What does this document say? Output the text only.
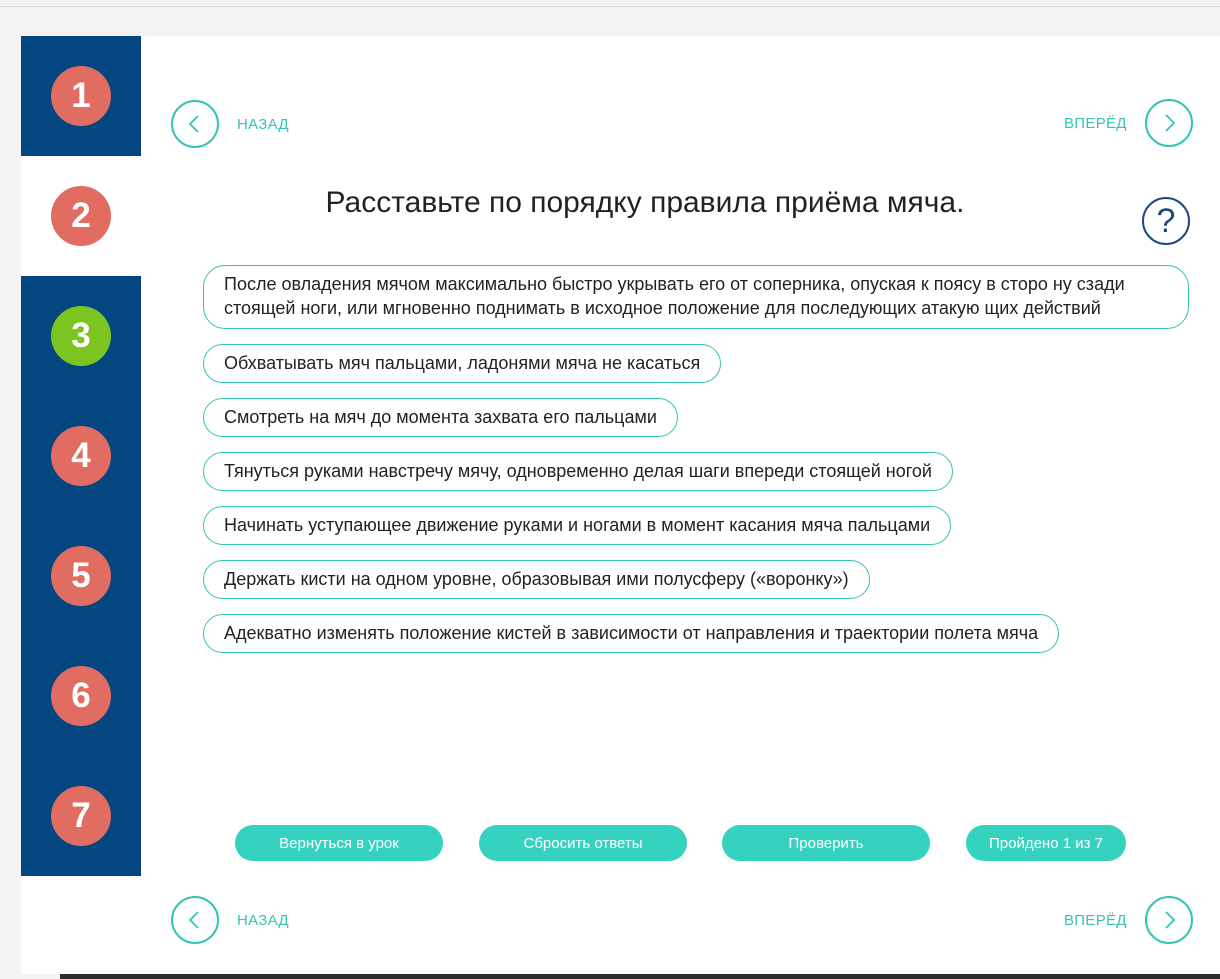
1
2
3
4
5
6
7
НАЗАД	ВПЕРЁД
Расставьте по порядку правила приёма мяча.	?
После овладения мячом максимально быстро укрывать его от соперника, опуская к поясу в сторо ну сзади стоящей ноги, или мгновенно поднимать в исходное положение для последующих атакую щих действий
Обхватывать мяч пальцами, ладонями мяча не касаться
Смотреть на мяч до момента захвата его пальцами
Тянуться руками навстречу мячу, одновременно делая шаги впереди стоящей ногой
Начинать уступающее движение руками и ногами в момент касания мяча пальцами
Держать кисти на одном уровне, образовывая ими полусферу («воронку»)
Адекватно изменять положение кистей в зависимости от направления и траектории полета мяча
Вернуться в урок	Сбросить ответы	Проверить	Пройдено 1 из 7
НАЗАД	ВПЕРЁД
